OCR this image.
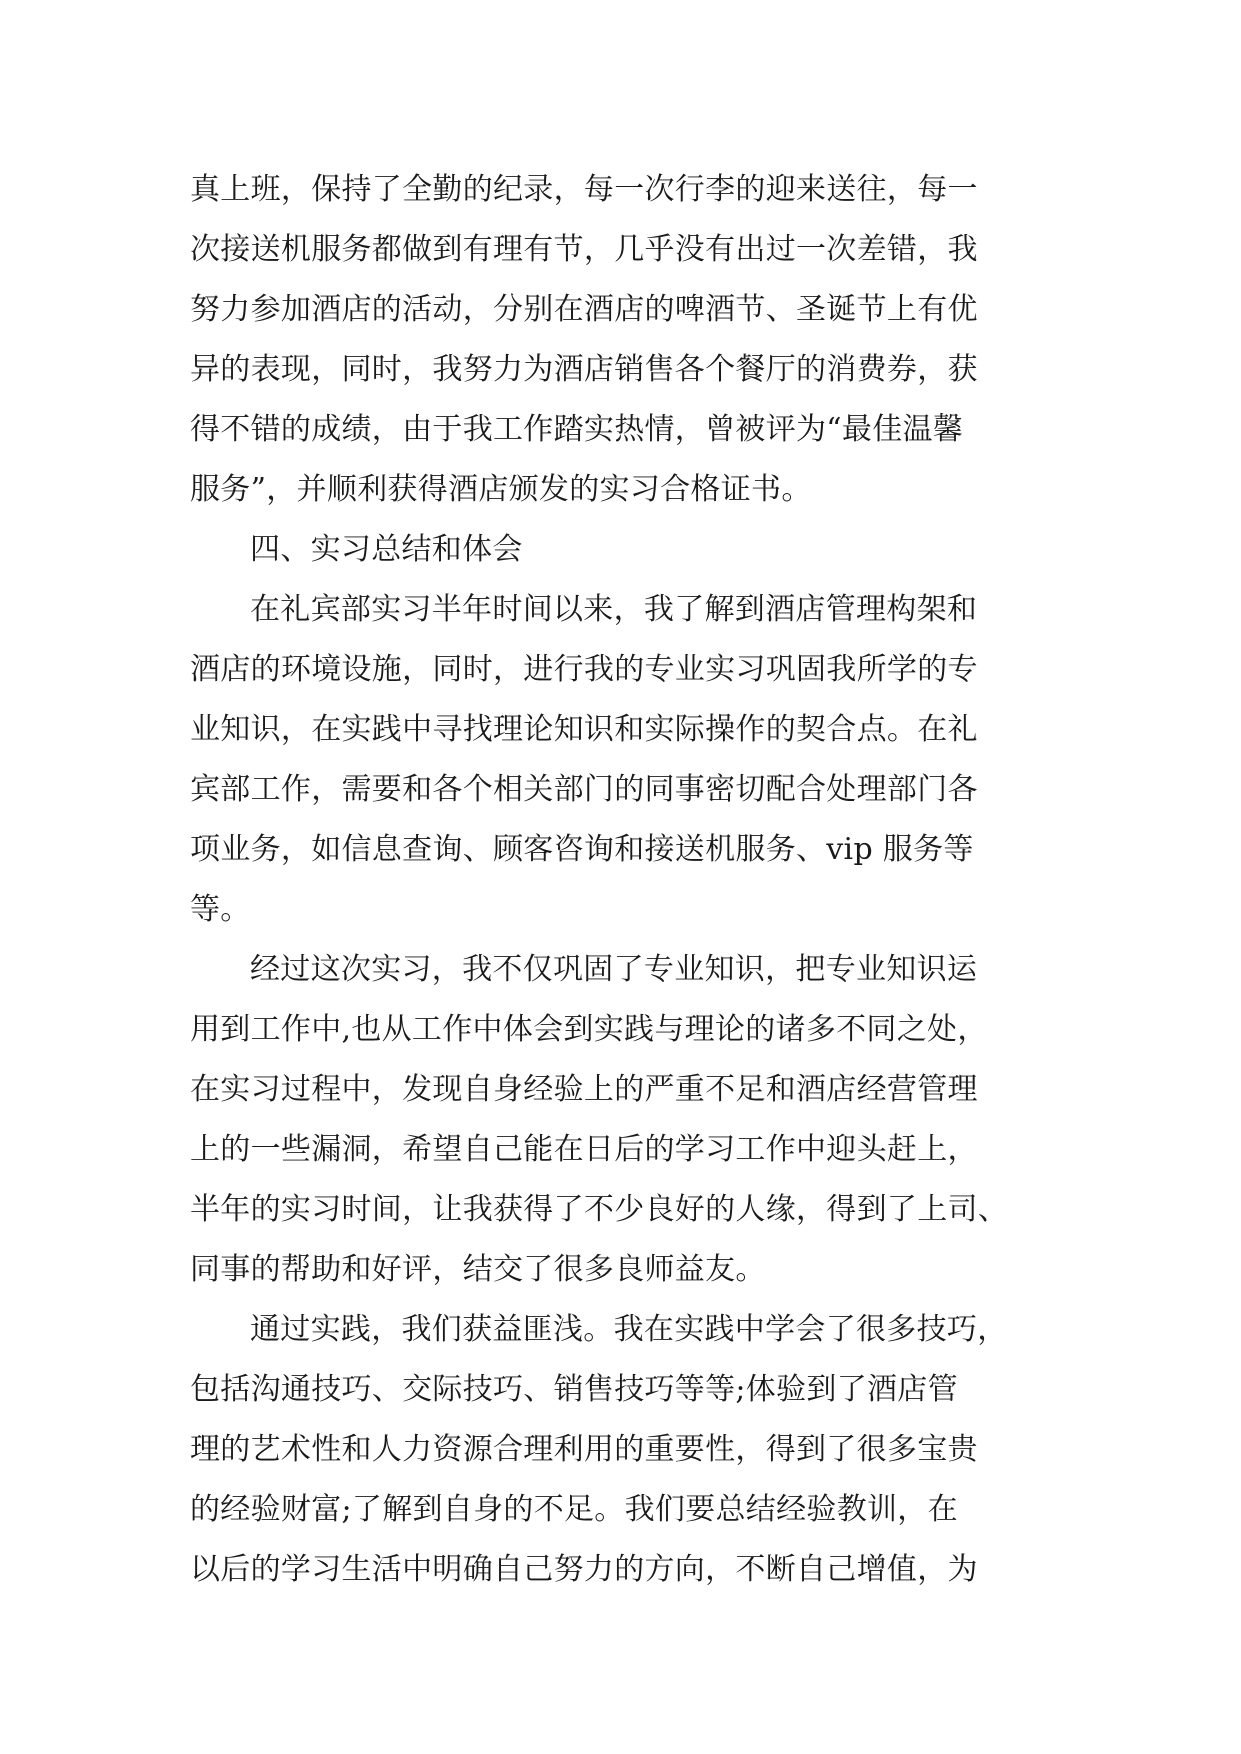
真上班，保持了全勤的纪录，每一次行李的迎来送往，每一
次接送机服务都做到有理有节，几乎没有出过一次差错，我
努力参加酒店的活动，分别在酒店的啤酒节、圣诞节上有优
异的表现，同时，我努力为酒店销售各个餐厅的消费券，获
得不错的成绩，由于我工作踏实热情，曾被评为“最佳温馨
服务”，并顺利获得酒店颁发的实习合格证书。
四、实习总结和体会
在礼宾部实习半年时间以来，我了解到酒店管理构架和
酒店的环境设施，同时，进行我的专业实习巩固我所学的专
业知识，在实践中寻找理论知识和实际操作的契合点。在礼
宾部工作，需要和各个相关部门的同事密切配合处理部门各
项业务，如信息查询、顾客咨询和接送机服务、vip 服务等
等。
经过这次实习，我不仅巩固了专业知识，把专业知识运
用到工作中,也从工作中体会到实践与理论的诸多不同之处，
在实习过程中，发现自身经验上的严重不足和酒店经营管理
上的一些漏洞，希望自己能在日后的学习工作中迎头赶上，
半年的实习时间，让我获得了不少良好的人缘，得到了上司、
同事的帮助和好评，结交了很多良师益友。
通过实践，我们获益匪浅。我在实践中学会了很多技巧，
包括沟通技巧、交际技巧、销售技巧等等;体验到了酒店管
理的艺术性和人力资源合理利用的重要性，得到了很多宝贵
的经验财富;了解到自身的不足。我们要总结经验教训，在
以后的学习生活中明确自己努力的方向，不断自己增值，为
